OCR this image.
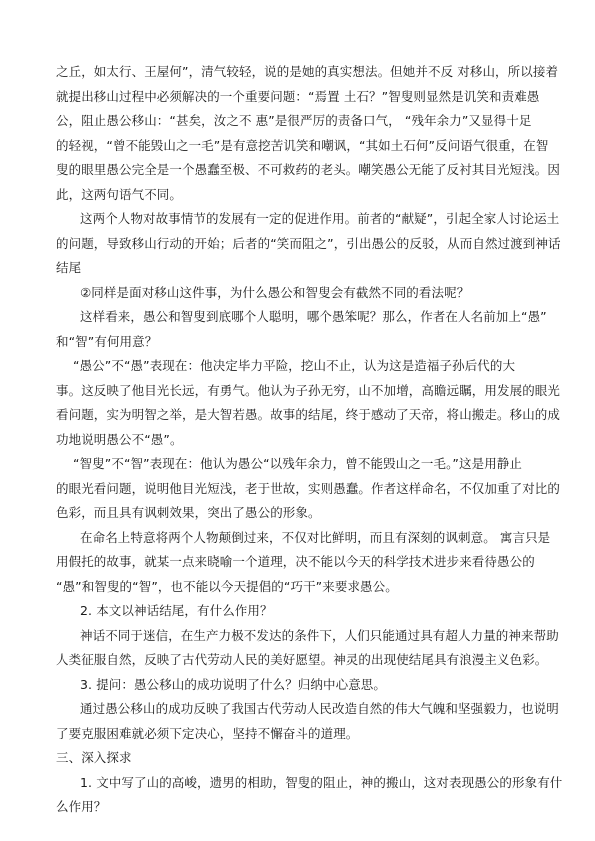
之丘，如太行、王屋何”，清气较轻，说的是她的真实想法。但她并不反 对移山，所以接着
就提出移山过程中必须解决的一个重要问题：“焉置 土石？”智叟则显然是讥笑和责难愚
公，阻止愚公移山：“甚矣，汝之不 惠”是很严厉的责备口气， “残年余力”又显得十足
的轻视，“曾不能毁山之一毛”是有意挖苦讥笑和嘲讽，“其如土石何”反问语气很重，在智
叟的眼里愚公完全是一个愚蠢至极、不可救药的老头。嘲笑愚公无能了反衬其目光短浅。因
此，这两句语气不同。
这两个人物对故事情节的发展有一定的促进作用。前者的“献疑”，引起全家人讨论运土
的问题，导致移山行动的开始；后者的“笑而阻之”，引出愚公的反驳，从而自然过渡到神话
结尾
②同样是面对移山这件事，为什么愚公和智叟会有截然不同的看法呢？
这样看来，愚公和智叟到底哪个人聪明，哪个愚笨呢？那么，作者在人名前加上“愚”
和“智”有何用意？
“愚公”不“愚”表现在：他决定毕力平险，挖山不止，认为这是造福子孙后代的大
事。这反映了他目光长远，有勇气。他认为子孙无穷，山不加增，高瞻远瞩，用发展的眼光
看问题，实为明智之举，是大智若愚。故事的结尾，终于感动了天帝，将山搬走。移山的成
功地说明愚公不“愚”。
“智叟”不“智”表现在：他认为愚公“以残年余力，曾不能毁山之一毛。”这是用静止
的眼光看问题，说明他目光短浅，老于世故，实则愚蠢。作者这样命名，不仅加重了对比的
色彩，而且具有讽刺效果，突出了愚公的形象。
在命名上特意将两个人物颠倒过来，不仅对比鲜明，而且有深刻的讽刺意。 寓言只是
用假托的故事，就某一点来晓喻一个道理，决不能以今天的科学技术进步来看待愚公的
“愚”和智叟的“智”，也不能以今天提倡的“巧干”来要求愚公。
2. 本文以神话结尾，有什么作用？
神话不同于迷信，在生产力极不发达的条件下，人们只能通过具有超人力量的神来帮助
人类征服自然，反映了古代劳动人民的美好愿望。神灵的出现使结尾具有浪漫主义色彩。
3. 提问：愚公移山的成功说明了什么？归纳中心意思。
通过愚公移山的成功反映了我国古代劳动人民改造自然的伟大气魄和坚强毅力，也说明
了要克服困难就必须下定决心，坚持不懈奋斗的道理。
三、深入探求
1. 文中写了山的高峻，遗男的相助，智叟的阻止，神的搬山，这对表现愚公的形象有什
么作用？
